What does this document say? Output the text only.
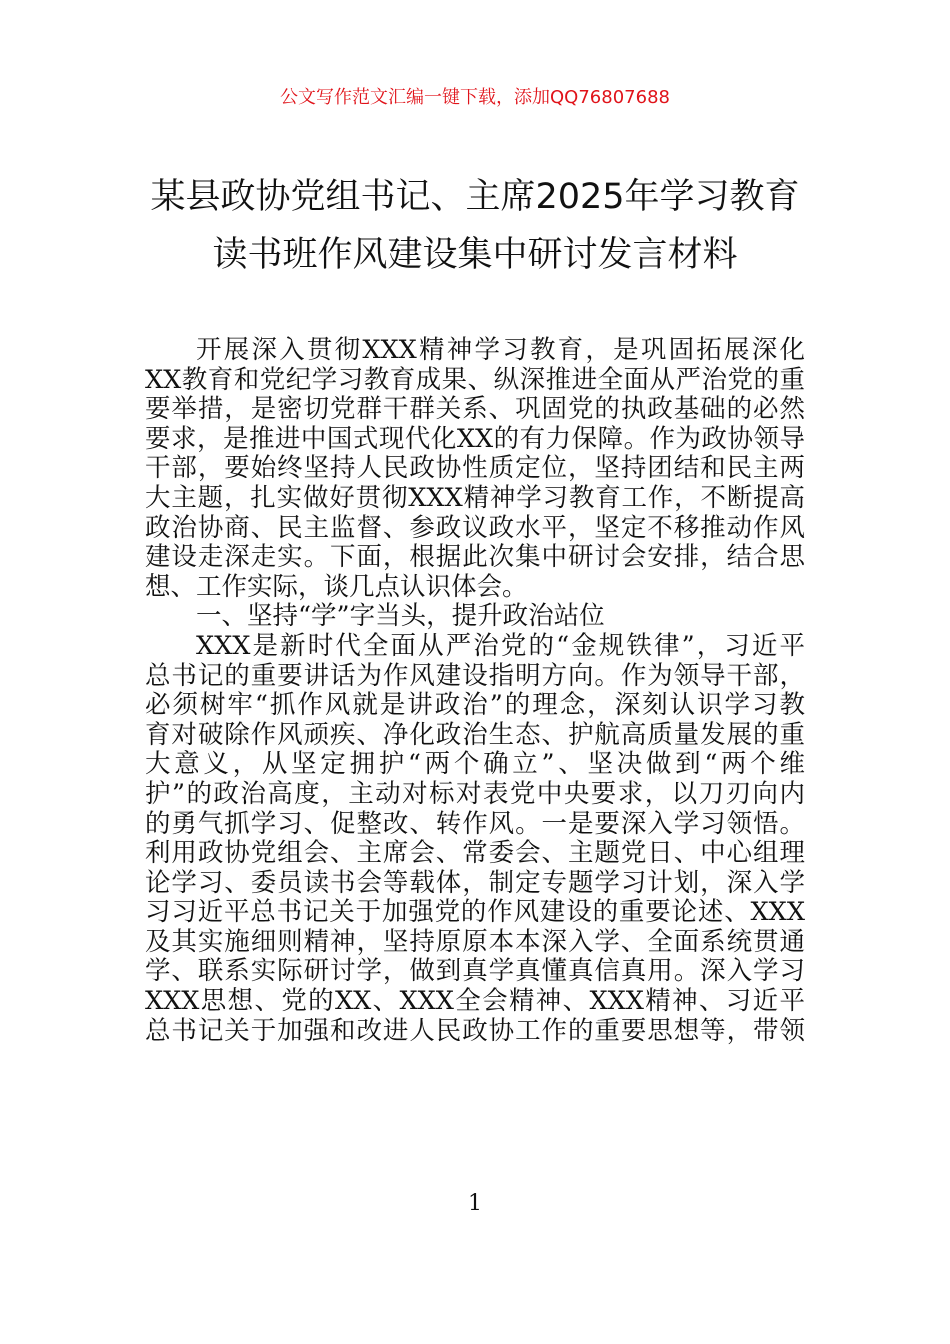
公文写作范文汇编一键下载，添加QQ76807688
某县政协党组书记、主席2025年学习教育
读书班作风建设集中研讨发言材料
开展深入贯彻XXX精神学习教育，是巩固拓展深化
XX教育和党纪学习教育成果、纵深推进全面从严治党的重
要举措，是密切党群干群关系、巩固党的执政基础的必然
要求，是推进中国式现代化XX的有力保障。作为政协领导
干部，要始终坚持人民政协性质定位，坚持团结和民主两
大主题，扎实做好贯彻XXX精神学习教育工作，不断提高
政治协商、民主监督、参政议政水平，坚定不移推动作风
建设走深走实。下面，根据此次集中研讨会安排，结合思
想、工作实际，谈几点认识体会。
一、坚持“学”字当头，提升政治站位
XXX是新时代全面从严治党的“金规铁律”，习近平
总书记的重要讲话为作风建设指明方向。作为领导干部，
必须树牢“抓作风就是讲政治”的理念，深刻认识学习教
育对破除作风顽疾、净化政治生态、护航高质量发展的重
大意义，从坚定拥护“两个确立”、坚决做到“两个维
护”的政治高度，主动对标对表党中央要求，以刀刃向内
的勇气抓学习、促整改、转作风。一是要深入学习领悟。
利用政协党组会、主席会、常委会、主题党日、中心组理
论学习、委员读书会等载体，制定专题学习计划，深入学
习习近平总书记关于加强党的作风建设的重要论述、XXX
及其实施细则精神，坚持原原本本深入学、全面系统贯通
学、联系实际研讨学，做到真学真懂真信真用。深入学习
XXX思想、党的XX、XXX全会精神、XXX精神、习近平
总书记关于加强和改进人民政协工作的重要思想等，带领
1
